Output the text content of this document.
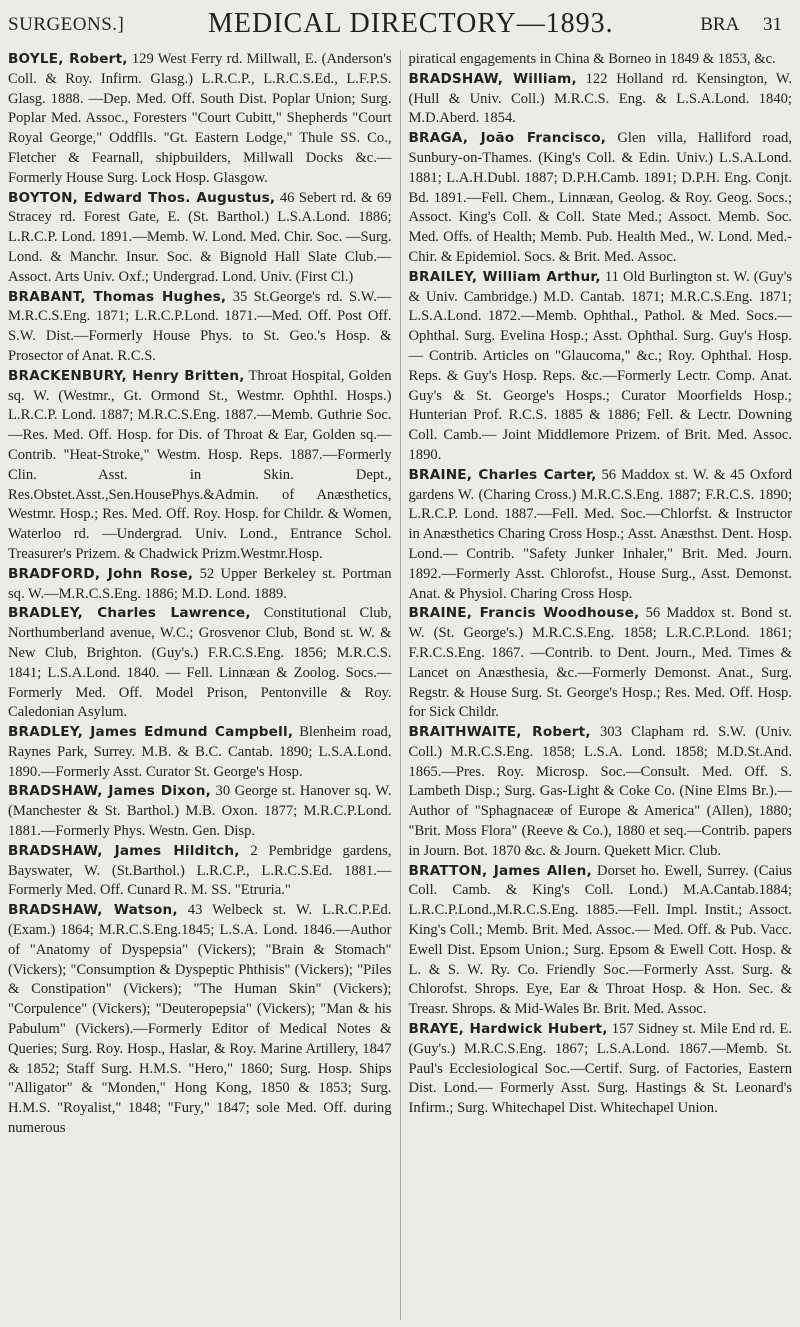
SURGEONS.]	MEDICAL DIRECTORY—1893.	BRA 31

BOYLE, Robert, 129 West Ferry rd. Millwall, E. (Anderson's Coll. & Roy. Infirm. Glasg.) L.R.C.P., L.R.C.S.Ed., L.F.P.S. Glasg. 1888. —Dep. Med. Off. South Dist. Poplar Union; Surg. Poplar Med. Assoc., Foresters "Court Cubitt," Shepherds "Court Royal George," Oddflls. "Gt. Eastern Lodge," Thule SS. Co., Fletcher & Fearnall, shipbuilders, Millwall Docks &c.—Formerly House Surg. Lock Hosp. Glasgow.

BOYTON, Edward Thos. Augustus, 46 Sebert rd. & 69 Stracey rd. Forest Gate, E. (St. Barthol.) L.S.A.Lond. 1886; L.R.C.P. Lond. 1891.—Memb. W. Lond. Med. Chir. Soc. —Surg. Lond. & Manchr. Insur. Soc. & Bignold Hall Slate Club.—Assoct. Arts Univ. Oxf.; Undergrad. Lond. Univ. (First Cl.)

BRABANT, Thomas Hughes, 35 St.George's rd. S.W.—M.R.C.S.Eng. 1871; L.R.C.P.Lond. 1871.—Med. Off. Post Off. S.W. Dist.—Formerly House Phys. to St. Geo.'s Hosp. & Prosector of Anat. R.C.S.

BRACKENBURY, Henry Britten, Throat Hospital, Golden sq. W. (Westmr., Gt. Ormond St., Westmr. Ophthl. Hosps.) L.R.C.P. Lond. 1887; M.R.C.S.Eng. 1887.—Memb. Guthrie Soc. —Res. Med. Off. Hosp. for Dis. of Throat & Ear, Golden sq.—Contrib. "Heat-Stroke," Westm. Hosp. Reps. 1887.—Formerly Clin. Asst. in Skin. Dept., Res.Obstet.Asst.,Sen.HousePhys.&Admin. of Anæsthetics, Westmr. Hosp.; Res. Med. Off. Roy. Hosp. for Childr. & Women, Waterloo rd. —Undergrad. Univ. Lond., Entrance Schol. Treasurer's Prizem. & Chadwick Prizm.Westmr.Hosp.

BRADFORD, John Rose, 52 Upper Berkeley st. Portman sq. W.—M.R.C.S.Eng. 1886; M.D. Lond. 1889.

BRADLEY, Charles Lawrence, Constitutional Club, Northumberland avenue, W.C.; Grosvenor Club, Bond st. W. & New Club, Brighton. (Guy's.) F.R.C.S.Eng. 1856; M.R.C.S. 1841; L.S.A.Lond. 1840. — Fell. Linnæan & Zoolog. Socs.—Formerly Med. Off. Model Prison, Pentonville & Roy. Caledonian Asylum.

BRADLEY, James Edmund Campbell, Blenheim road, Raynes Park, Surrey. M.B. & B.C. Cantab. 1890; L.S.A.Lond. 1890.—Formerly Asst. Curator St. George's Hosp.

BRADSHAW, James Dixon, 30 George st. Hanover sq. W. (Manchester & St. Barthol.) M.B. Oxon. 1877; M.R.C.P.Lond. 1881.—Formerly Phys. Westn. Gen. Disp.

BRADSHAW, James Hilditch, 2 Pembridge gardens, Bayswater, W. (St.Barthol.) L.R.C.P., L.R.C.S.Ed. 1881.—Formerly Med. Off. Cunard R. M. SS. "Etruria."

BRADSHAW, Watson, 43 Welbeck st. W. L.R.C.P.Ed. (Exam.) 1864; M.R.C.S.Eng.1845; L.S.A. Lond. 1846.—Author of "Anatomy of Dyspepsia" (Vickers); "Brain & Stomach" (Vickers); "Consumption & Dyspeptic Phthisis" (Vickers); "Piles & Constipation" (Vickers); "The Human Skin" (Vickers); "Corpulence" (Vickers); "Deuteropepsia" (Vickers); "Man & his Pabulum" (Vickers).—Formerly Editor of Medical Notes & Queries; Surg. Roy. Hosp., Haslar, & Roy. Marine Artillery, 1847 & 1852; Staff Surg. H.M.S. "Hero," 1860; Surg. Hosp. Ships "Alligator" & "Monden," Hong Kong, 1850 & 1853; Surg. H.M.S. "Royalist," 1848; "Fury," 1847; sole Med. Off. during numerous

piratical engagements in China & Borneo in 1849 & 1853, &c.

BRADSHAW, William, 122 Holland rd. Kensington, W. (Hull & Univ. Coll.) M.R.C.S. Eng. & L.S.A.Lond. 1840; M.D.Aberd. 1854.

BRAGA, João Francisco, Glen villa, Halliford road, Sunbury-on-Thames. (King's Coll. & Edin. Univ.) L.S.A.Lond. 1881; L.A.H.Dubl. 1887; D.P.H.Camb. 1891; D.P.H. Eng. Conjt. Bd. 1891.—Fell. Chem., Linnæan, Geolog. & Roy. Geog. Socs.; Assoct. King's Coll. & Coll. State Med.; Assoct. Memb. Soc. Med. Offs. of Health; Memb. Pub. Health Med., W. Lond. Med.-Chir. & Epidemiol. Socs. & Brit. Med. Assoc.

BRAILEY, William Arthur, 11 Old Burlington st. W. (Guy's & Univ. Cambridge.) M.D. Cantab. 1871; M.R.C.S.Eng. 1871; L.S.A.Lond. 1872.—Memb. Ophthal., Pathol. & Med. Socs.— Ophthal. Surg. Evelina Hosp.; Asst. Ophthal. Surg. Guy's Hosp. — Contrib. Articles on "Glaucoma," &c.; Roy. Ophthal. Hosp. Reps. & Guy's Hosp. Reps. &c.—Formerly Lectr. Comp. Anat. Guy's & St. George's Hosps.; Curator Moorfields Hosp.; Hunterian Prof. R.C.S. 1885 & 1886; Fell. & Lectr. Downing Coll. Camb.— Joint Middlemore Prizem. of Brit. Med. Assoc. 1890.

BRAINE, Charles Carter, 56 Maddox st. W. & 45 Oxford gardens W. (Charing Cross.) M.R.C.S.Eng. 1887; F.R.C.S. 1890; L.R.C.P. Lond. 1887.—Fell. Med. Soc.—Chlorfst. & Instructor in Anæsthetics Charing Cross Hosp.; Asst. Anæsthst. Dent. Hosp. Lond.— Contrib. "Safety Junker Inhaler," Brit. Med. Journ. 1892.—Formerly Asst. Chlorofst., House Surg., Asst. Demonst. Anat. & Physiol. Charing Cross Hosp.

BRAINE, Francis Woodhouse, 56 Maddox st. Bond st. W. (St. George's.) M.R.C.S.Eng. 1858; L.R.C.P.Lond. 1861; F.R.C.S.Eng. 1867. —Contrib. to Dent. Journ., Med. Times & Lancet on Anæsthesia, &c.—Formerly Demonst. Anat., Surg. Regstr. & House Surg. St. George's Hosp.; Res. Med. Off. Hosp. for Sick Childr.

BRAITHWAITE, Robert, 303 Clapham rd. S.W. (Univ. Coll.) M.R.C.S.Eng. 1858; L.S.A. Lond. 1858; M.D.St.And. 1865.—Pres. Roy. Microsp. Soc.—Consult. Med. Off. S. Lambeth Disp.; Surg. Gas-Light & Coke Co. (Nine Elms Br.).—Author of "Sphagnaceæ of Europe & America" (Allen), 1880; "Brit. Moss Flora" (Reeve & Co.), 1880 et seq.—Contrib. papers in Journ. Bot. 1870 &c. & Journ. Quekett Micr. Club.

BRATTON, James Allen, Dorset ho. Ewell, Surrey. (Caius Coll. Camb. & King's Coll. Lond.) M.A.Cantab.1884; L.R.C.P.Lond.,M.R.C.S.Eng. 1885.—Fell. Impl. Instit.; Assoct. King's Coll.; Memb. Brit. Med. Assoc.— Med. Off. & Pub. Vacc. Ewell Dist. Epsom Union.; Surg. Epsom & Ewell Cott. Hosp. & L. & S. W. Ry. Co. Friendly Soc.—Formerly Asst. Surg. & Chlorofst. Shrops. Eye, Ear & Throat Hosp. & Hon. Sec. & Treasr. Shrops. & Mid-Wales Br. Brit. Med. Assoc.

BRAYE, Hardwick Hubert, 157 Sidney st. Mile End rd. E. (Guy's.) M.R.C.S.Eng. 1867; L.S.A.Lond. 1867.—Memb. St. Paul's Ecclesiological Soc.—Certif. Surg. of Factories, Eastern Dist. Lond.— Formerly Asst. Surg. Hastings & St. Leonard's Infirm.; Surg. Whitechapel Dist. Whitechapel Union.
